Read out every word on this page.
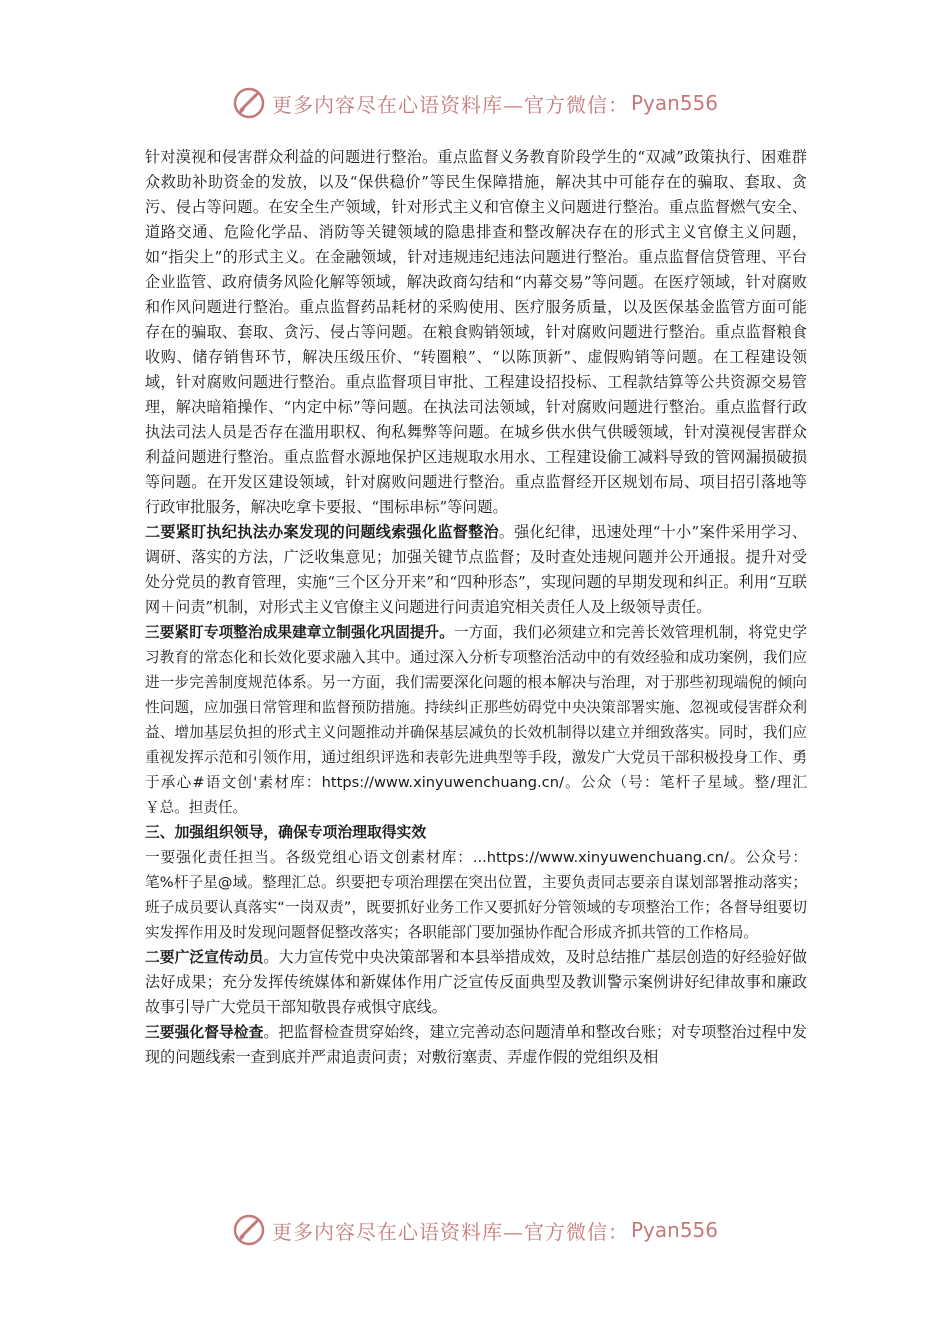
更多内容尽在心语资料库—官方微信： Pyan556

针对漠视和侵害群众利益的问题进行整治。重点监督义务教育阶段学生的“双减”政策执行、困难群众救助补助资金的发放，以及“保供稳价”等民生保障措施，解决其中可能存在的骗取、套取、贪污、侵占等问题。在安全生产领域，针对形式主义和官僚主义问题进行整治。重点监督燃气安全、道路交通、危险化学品、消防等关键领域的隐患排查和整改解决存在的形式主义官僚主义问题，如“指尖上”的形式主义。在金融领域，针对违规违纪违法问题进行整治。重点监督信贷管理、平台企业监管、政府债务风险化解等领域，解决政商勾结和“内幕交易”等问题。在医疗领域，针对腐败和作风问题进行整治。重点监督药品耗材的采购使用、医疗服务质量，以及医保基金监管方面可能存在的骗取、套取、贪污、侵占等问题。在粮食购销领域，针对腐败问题进行整治。重点监督粮食收购、储存销售环节，解决压级压价、“转圈粮”、“以陈顶新”、虚假购销等问题。在工程建设领域，针对腐败问题进行整治。重点监督项目审批、工程建设招投标、工程款结算等公共资源交易管理，解决暗箱操作、“内定中标”等问题。在执法司法领域，针对腐败问题进行整治。重点监督行政执法司法人员是否存在滥用职权、徇私舞弊等问题。在城乡供水供气供暖领域，针对漠视侵害群众利益问题进行整治。重点监督水源地保护区违规取水用水、工程建设偷工减料导致的管网漏损破损等问题。在开发区建设领域，针对腐败问题进行整治。重点监督经开区规划布局、项目招引落地等行政审批服务，解决吃拿卡要报、“围标串标”等问题。

二要紧盯执纪执法办案发现的问题线索强化监督整治。强化纪律，迅速处理“十小”案件采用学习、调研、落实的方法，广泛收集意见；加强关键节点监督；及时查处违规问题并公开通报。提升对受处分党员的教育管理，实施“三个区分开来”和“四种形态”，实现问题的早期发现和纠正。利用“互联网＋问责”机制，对形式主义官僚主义问题进行问责追究相关责任人及上级领导责任。

三要紧盯专项整治成果建章立制强化巩固提升。一方面，我们必须建立和完善长效管理机制，将党史学习教育的常态化和长效化要求融入其中。通过深入分析专项整治活动中的有效经验和成功案例，我们应进一步完善制度规范体系。另一方面，我们需要深化问题的根本解决与治理，对于那些初现端倪的倾向性问题，应加强日常管理和监督预防措施。持续纠正那些妨碍党中央决策部署实施、忽视或侵害群众利益、增加基层负担的形式主义问题推动并确保基层减负的长效机制得以建立并细致落实。同时，我们应重视发挥示范和引领作用，通过组织评选和表彰先进典型等手段，激发广大党员干部积极投身工作、勇于承心#语文创'素材库：https://www.xinyuwenchuang.cn/。公众（号：笔杆子星域。整/理汇￥总。担责任。

三、加强组织领导，确保专项治理取得实效

一要强化责任担当。各级党组心语文创素材库：...https://www.xinyuwenchuang.cn/。公众号：笔%杆子星@域。整理汇总。织要把专项治理摆在突出位置，主要负责同志要亲自谋划部署推动落实；班子成员要认真落实“一岗双责”，既要抓好业务工作又要抓好分管领域的专项整治工作；各督导组要切实发挥作用及时发现问题督促整改落实；各职能部门要加强协作配合形成齐抓共管的工作格局。

二要广泛宣传动员。大力宣传党中央决策部署和本县举措成效，及时总结推广基层创造的好经验好做法好成果；充分发挥传统媒体和新媒体作用广泛宣传反面典型及教训警示案例讲好纪律故事和廉政故事引导广大党员干部知敬畏存戒惧守底线。

三要强化督导检查。把监督检查贯穿始终，建立完善动态问题清单和整改台账；对专项整治过程中发现的问题线索一查到底并严肃追责问责；对敷衍塞责、弄虚作假的党组织及相

更多内容尽在心语资料库—官方微信： Pyan556
